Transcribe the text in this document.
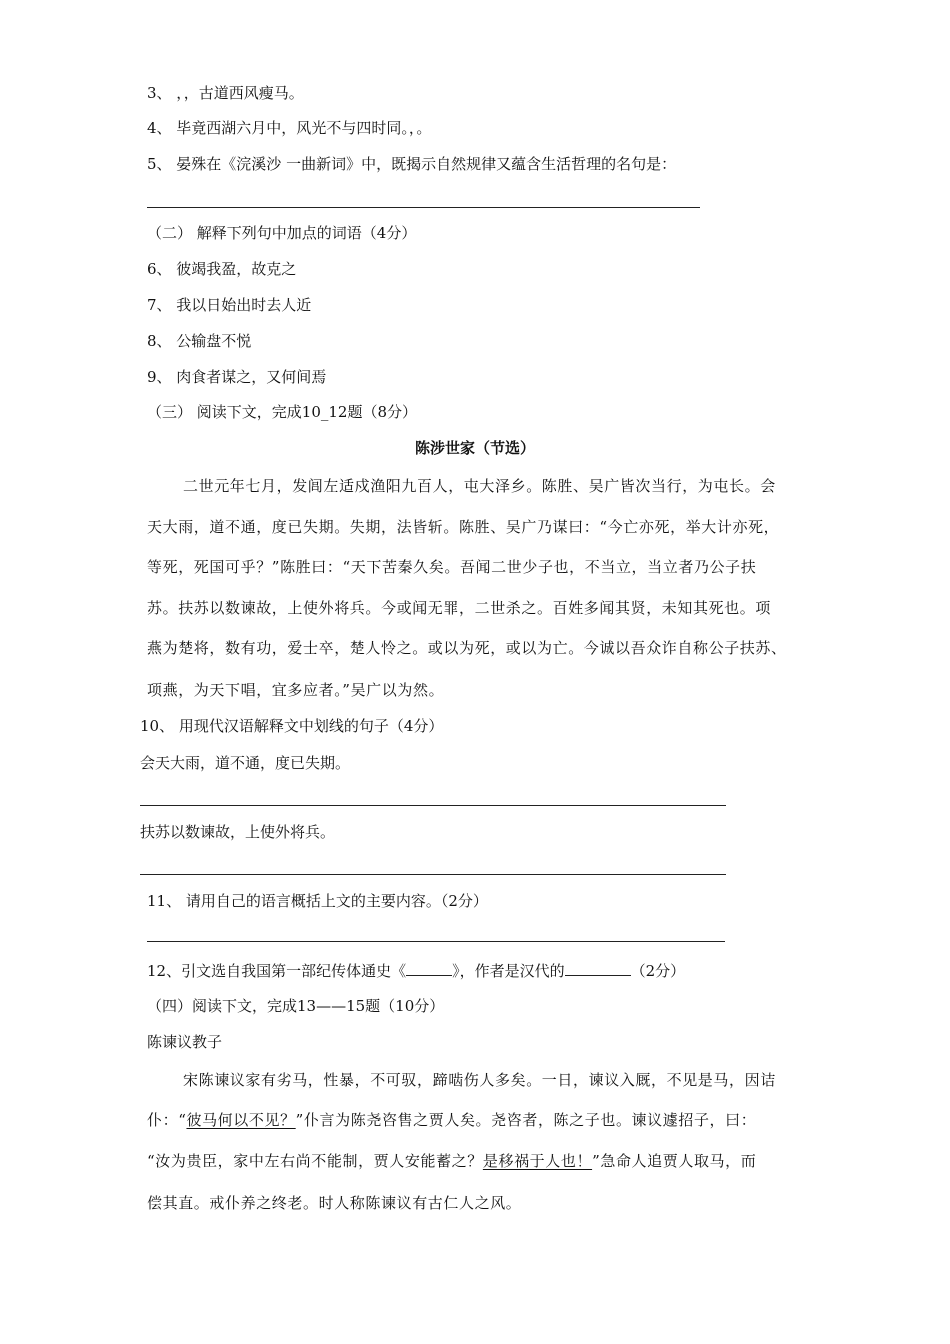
3、 ，，古道西风瘦马。
4、 毕竟西湖六月中，风光不与四时同。，。
5、 晏殊在《浣溪沙 一曲新词》中，既揭示自然规律又蕴含生活哲理的名句是：
（二） 解释下列句中加点的词语（4分）
6、 彼竭我盈，故克之
7、 我以日始出时去人近
8、 公输盘不悦
9、 肉食者谋之，又何间焉
（三） 阅读下文，完成10_12题（8分）
陈涉世家（节选）
二世元年七月，发闾左适戍渔阳九百人，屯大泽乡。陈胜、吴广皆次当行，为屯长。会
天大雨，道不通，度已失期。失期，法皆斩。陈胜、吴广乃谋曰：“今亡亦死，举大计亦死，
等死，死国可乎？”陈胜曰：“天下苦秦久矣。吾闻二世少子也，不当立，当立者乃公子扶
苏。扶苏以数谏故，上使外将兵。今或闻无罪，二世杀之。百姓多闻其贤，未知其死也。项
燕为楚将，数有功，爱士卒，楚人怜之。或以为死，或以为亡。今诚以吾众诈自称公子扶苏、
项燕，为天下唱，宜多应者。”吴广以为然。
10、 用现代汉语解释文中划线的句子（4分）
会天大雨，道不通，度已失期。
扶苏以数谏故，上使外将兵。
11、 请用自己的语言概括上文的主要内容。（2分）
12、引文选自我国第一部纪传体通史《	》，作者是汉代的	（2分）
（四）阅读下文，完成13——15题（10分）
陈谏议教子
宋陈谏议家有劣马，性暴，不可驭，蹄啮伤人多矣。一日，谏议入厩，不见是马，因诘
仆：“彼马何以不见？”仆言为陈尧咨售之贾人矣。尧咨者，陈之子也。谏议遽招子，曰：
“汝为贵臣，家中左右尚不能制，贾人安能蓄之？是移祸于人也！”急命人追贾人取马，而
偿其直。戒仆养之终老。时人称陈谏议有古仁人之风。
